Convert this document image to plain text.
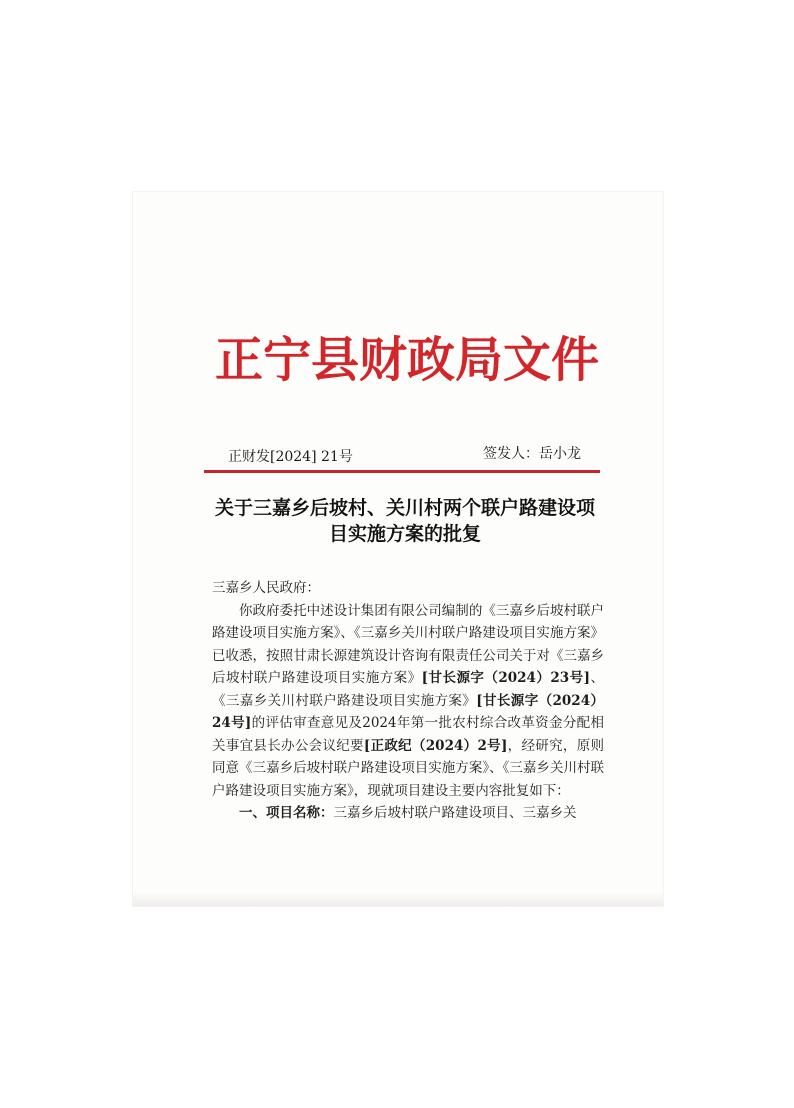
正宁县财政局文件
正财发[2024] 21号	签发人：岳小龙
关于三嘉乡后坡村、关川村两个联户路建设项
目实施方案的批复

三嘉乡人民政府：

你政府委托中述设计集团有限公司编制的《三嘉乡后坡村联户路建设项目实施方案》、《三嘉乡关川村联户路建设项目实施方案》已收悉，按照甘肃长源建筑设计咨询有限责任公司关于对《三嘉乡后坡村联户路建设项目实施方案》[甘长源字（2024）23号]、《三嘉乡关川村联户路建设项目实施方案》[甘长源字（2024）24号]的评估审查意见及2024年第一批农村综合改革资金分配相关事宜县长办公会议纪要[正政纪（2024）2号]，经研究，原则同意《三嘉乡后坡村联户路建设项目实施方案》、《三嘉乡关川村联户路建设项目实施方案》，现就项目建设主要内容批复如下：

一、项目名称：三嘉乡后坡村联户路建设项目、三嘉乡关
